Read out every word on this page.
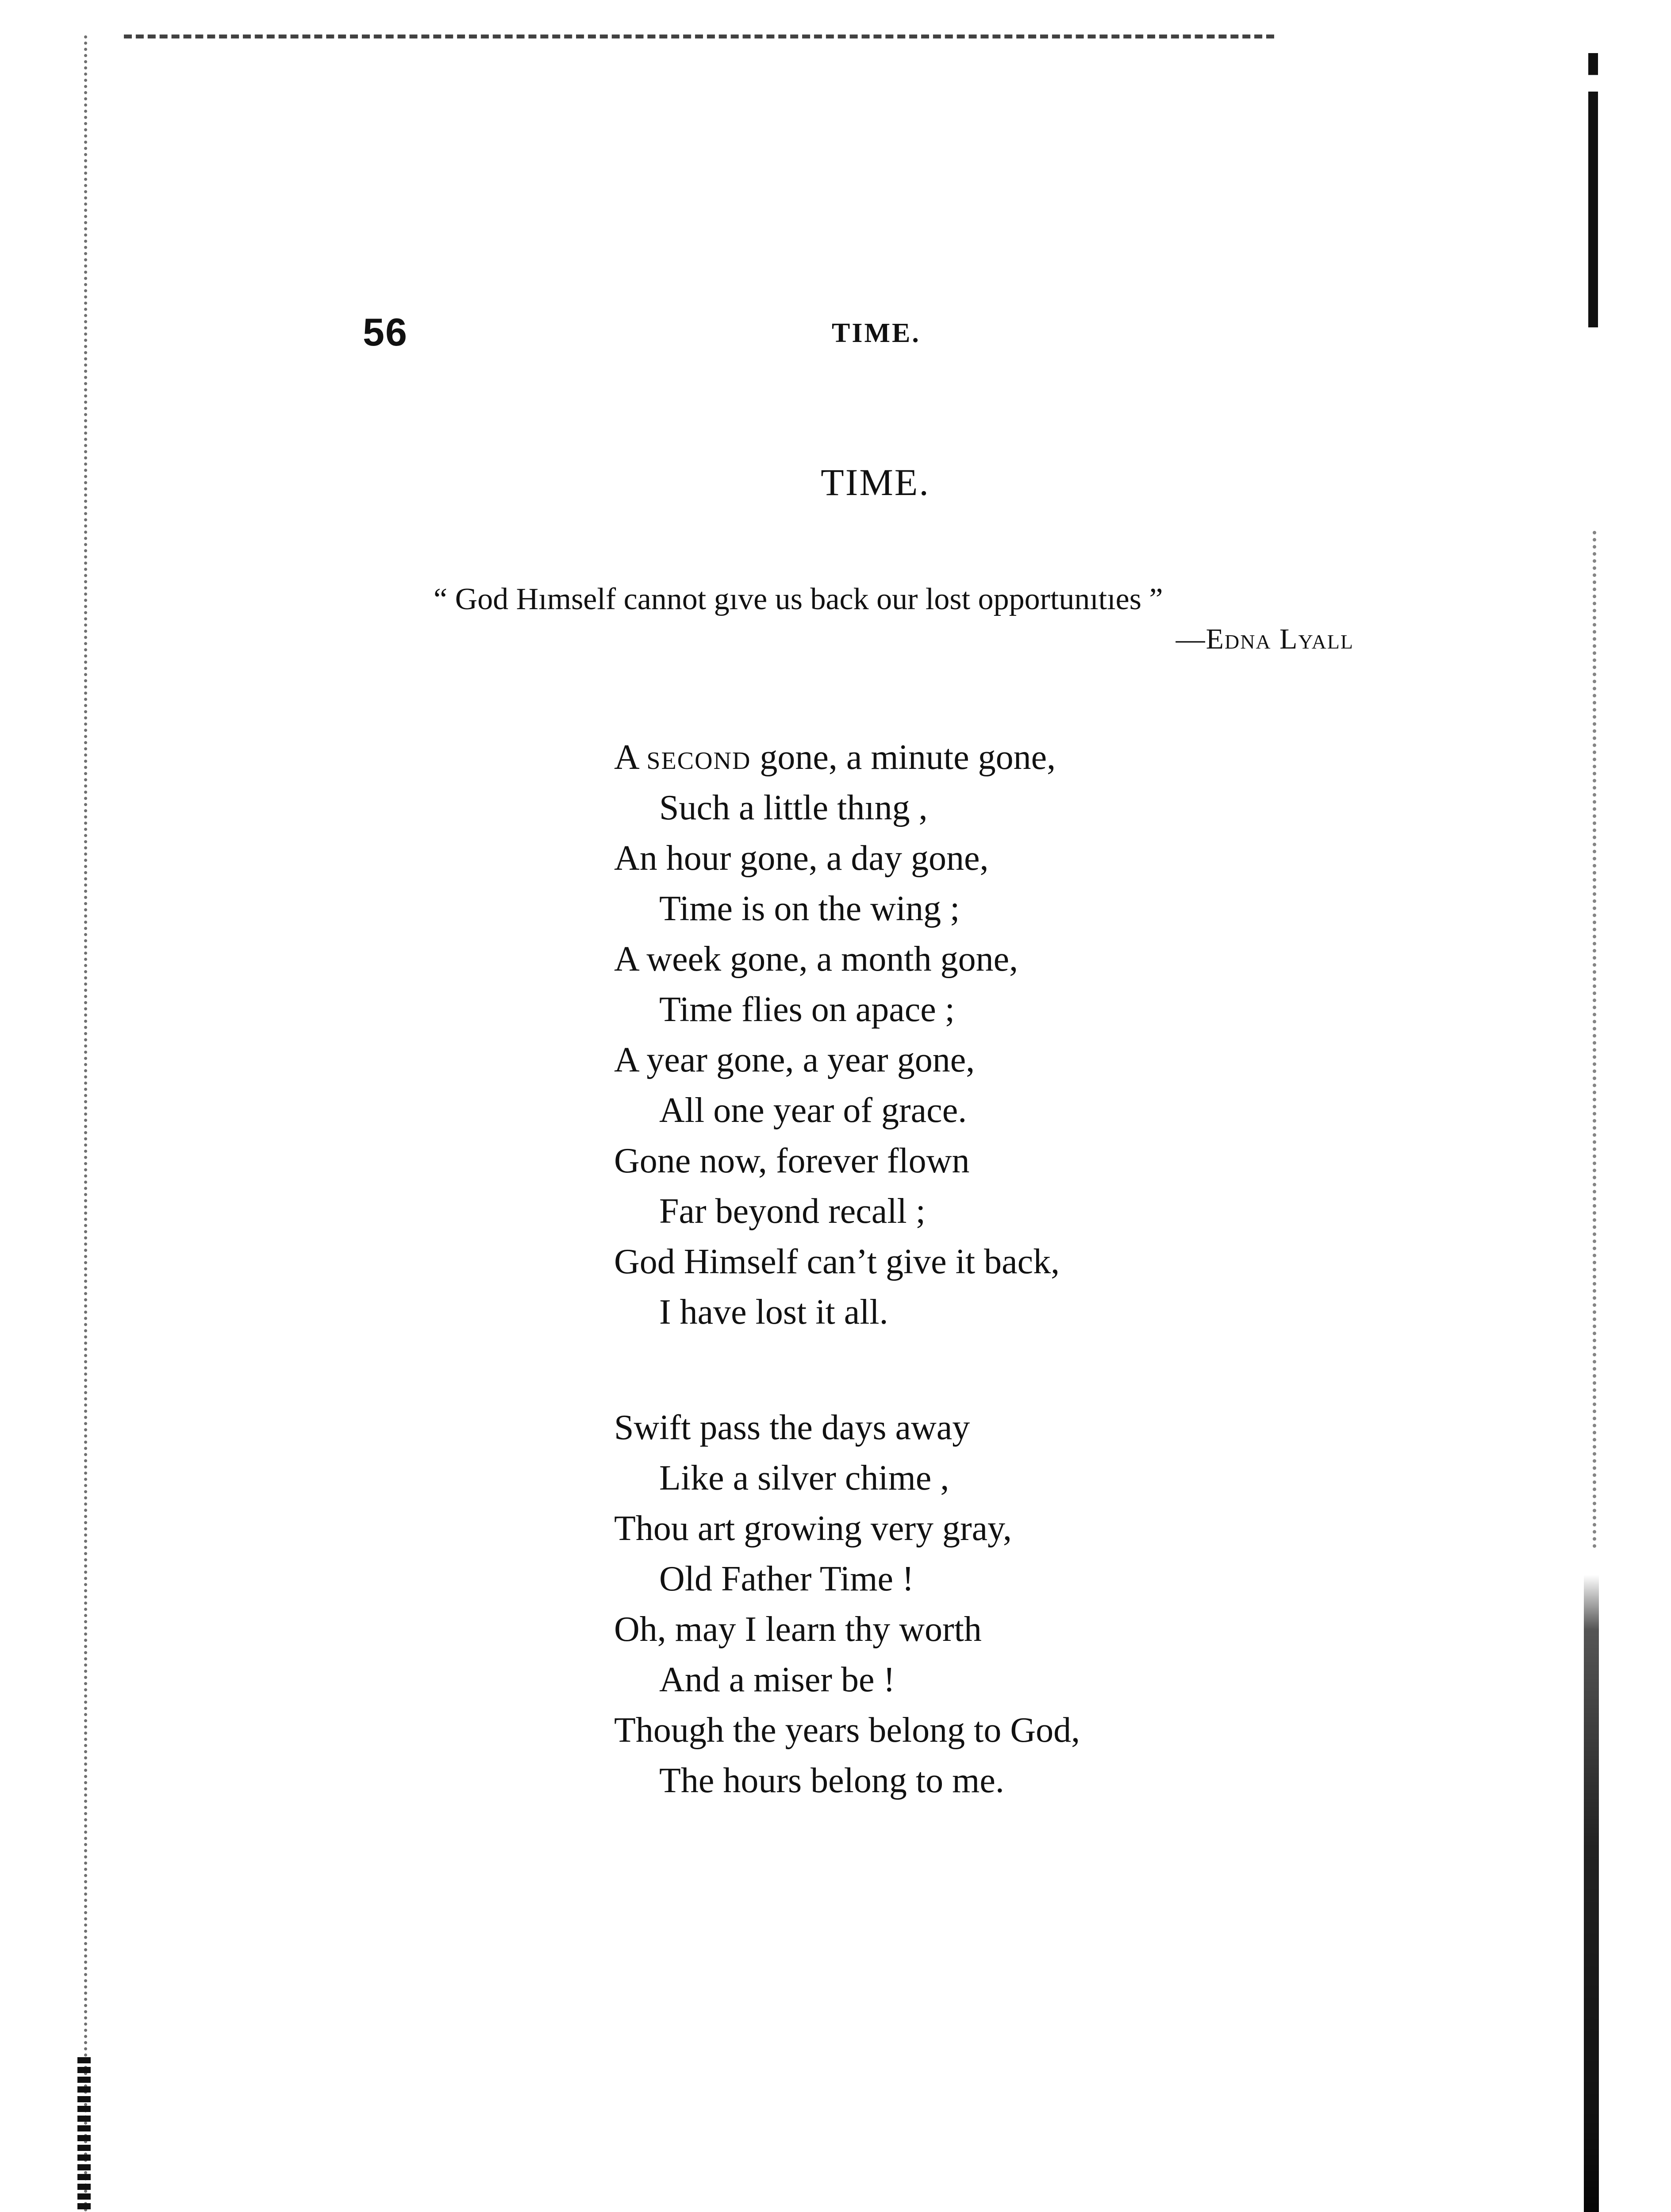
56	TIME.
TIME.
“ God Hımself cannot gıve us back our lost opportunıtıes ”
—Edna Lyall
A second gone, a minute gone,
Such a little thıng ,
An hour gone, a day gone,
Time is on the wing ;
A week gone, a month gone,
Time flies on apace ;
A year gone, a year gone,
All one year of grace.
Gone now, forever flown
Far beyond recall ;
God Himself can’t give it back,
I have lost it all.
Swift pass the days away
Like a silver chime ,
Thou art growing very gray,
Old Father Time !
Oh, may I learn thy worth
And a miser be !
Though the years belong to God,
The hours belong to me.
